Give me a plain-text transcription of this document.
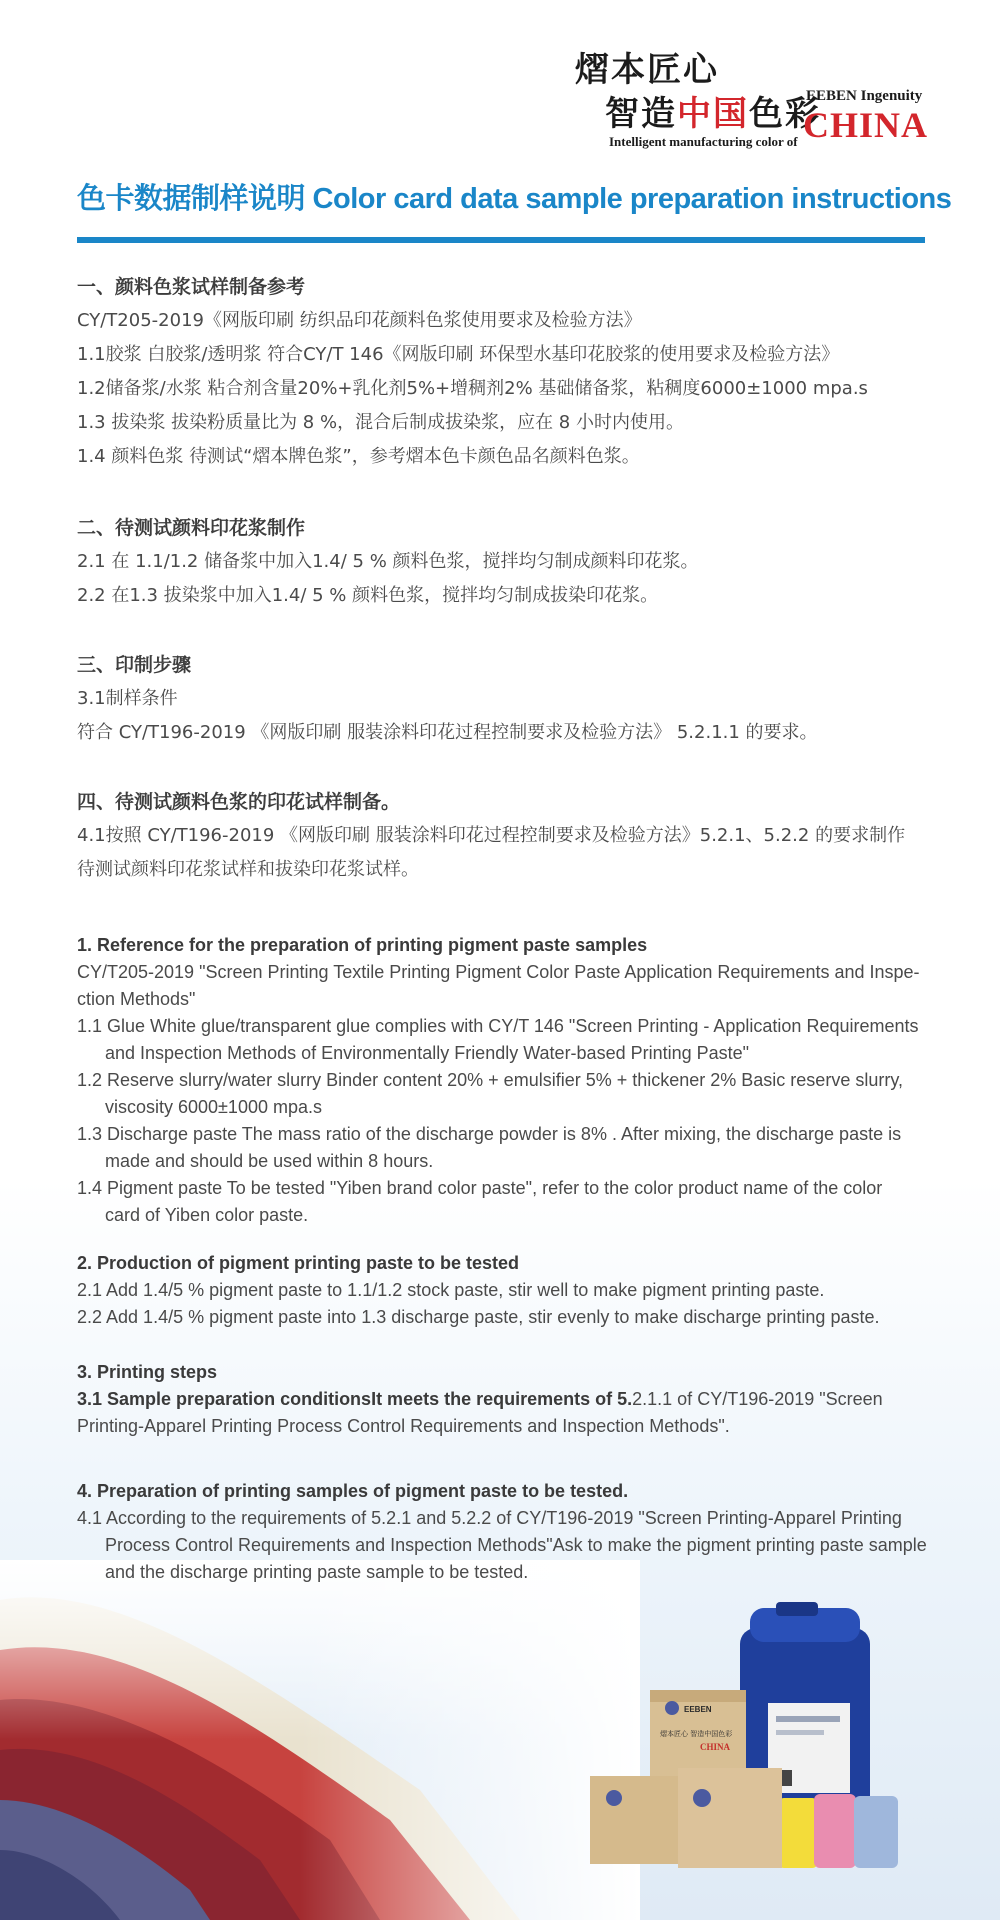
EEBEN
熠本匠心 智造中国色彩
CHINA
熠本匠心
智造中国色彩
Intelligent manufacturing color of
EEBEN Ingenuity
CHINA
色卡数据制样说明 Color card data sample preparation instructions
一、颜料色浆试样制备参考
CY/T205-2019《网版印刷 纺织品印花颜料色浆使用要求及检验方法》
1.1胶浆 白胶浆/透明浆 符合CY/T 146《网版印刷 环保型水基印花胶浆的使用要求及检验方法》
1.2储备浆/水浆 粘合剂含量20%+乳化剂5%+增稠剂2% 基础储备浆，粘稠度6000±1000 mpa.s
1.3 拔染浆 拔染粉质量比为 8 %，混合后制成拔染浆，应在 8 小时内使用。
1.4 颜料色浆 待测试“熠本牌色浆”，参考熠本色卡颜色品名颜料色浆。
二、待测试颜料印花浆制作
2.1 在 1.1/1.2 储备浆中加入1.4/ 5 % 颜料色浆，搅拌均匀制成颜料印花浆。
2.2 在1.3 拔染浆中加入1.4/ 5 % 颜料色浆，搅拌均匀制成拔染印花浆。
三、印制步骤
3.1制样条件
符合 CY/T196-2019 《网版印刷 服装涂料印花过程控制要求及检验方法》 5.2.1.1 的要求。
四、待测试颜料色浆的印花试样制备。
4.1按照 CY/T196-2019 《网版印刷 服装涂料印花过程控制要求及检验方法》5.2.1、5.2.2 的要求制作待测试颜料印花浆试样和拔染印花浆试样。
1. Reference for the preparation of printing pigment paste samples
CY/T205-2019 "Screen Printing Textile Printing Pigment Color Paste Application Requirements and Inspe- ction Methods"
1.1 Glue White glue/transparent glue complies with CY/T 146 "Screen Printing - Application Requirements and Inspection Methods of Environmentally Friendly Water-based Printing Paste"
1.2 Reserve slurry/water slurry Binder content 20% + emulsifier 5% + thickener 2% Basic reserve slurry, viscosity 6000±1000 mpa.s
1.3 Discharge paste The mass ratio of the discharge powder is 8% . After mixing, the discharge paste is made and should be used within 8 hours.
1.4 Pigment paste To be tested "Yiben brand color paste", refer to the color product name of the color card of Yiben color paste.
2. Production of pigment printing paste to be tested
2.1 Add 1.4/5 % pigment paste to 1.1/1.2 stock paste, stir well to make pigment printing paste.
2.2 Add 1.4/5 % pigment paste into 1.3 discharge paste, stir evenly to make discharge printing paste.
3. Printing steps
3.1 Sample preparation conditionsIt meets the requirements of 5.2.1.1 of CY/T196-2019 "Screen Printing-Apparel Printing Process Control Requirements and Inspection Methods".
4. Preparation of printing samples of pigment paste to be tested.
4.1 According to the requirements of 5.2.1 and 5.2.2 of CY/T196-2019 "Screen Printing-Apparel Printing Process Control Requirements and Inspection Methods"Ask to make the pigment printing paste sample and the discharge printing paste sample to be tested.
